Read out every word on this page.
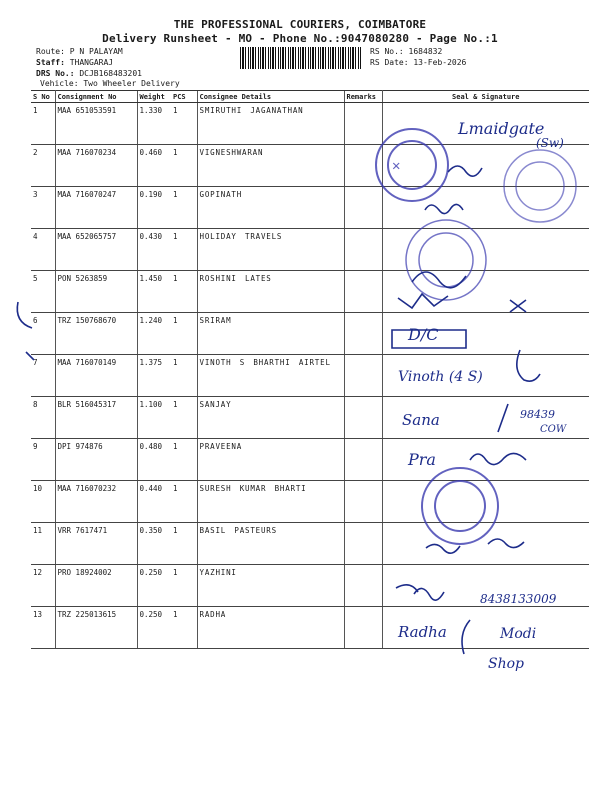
THE PROFESSIONAL COURIERS, COIMBATORE
Delivery Runsheet - MO - Phone No.:9047080280 - Page No.:1
Route: P N PALAYAM
Staff: THANGARAJ
DRS No.: DCJB168483201
Vehicle: Two Wheeler Delivery
RS No.: 1684832
RS Date: 13-Feb-2026
S No	Consignment No	Weight	PCS	Consignee Details	Remarks	Seal & Signature
1	MAA 651053591	1.330	1	SMIRUTHI JAGANATHAN		
2	MAA 716070234	0.460	1	VIGNESHWARAN		
3	MAA 716070247	0.190	1	GOPINATH		
4	MAA 652065757	0.430	1	HOLIDAY TRAVELS		
5	PON 5263859	1.450	1	ROSHINI LATES		
6	TRZ 150768670	1.240	1	SRIRAM		
7	MAA 716070149	1.375	1	VINOTH S BHARTHI AIRTEL		
8	BLR 516045317	1.100	1	SANJAY		
9	DPI 974876	0.480	1	PRAVEENA		
10	MAA 716070232	0.440	1	SURESH KUMAR BHARTI		
11	VRR 7617471	0.350	1	BASIL PASTEURS		
12	PRO 18924002	0.250	1	YAZHINI		
13	TRZ 225013615	0.250	1	RADHA		
Lmaidgate
(Sw)
D/C
Vinoth (4 S)
Sana	98439
COW
Pra
8438133009
Radha	Modi
Shop
✕
